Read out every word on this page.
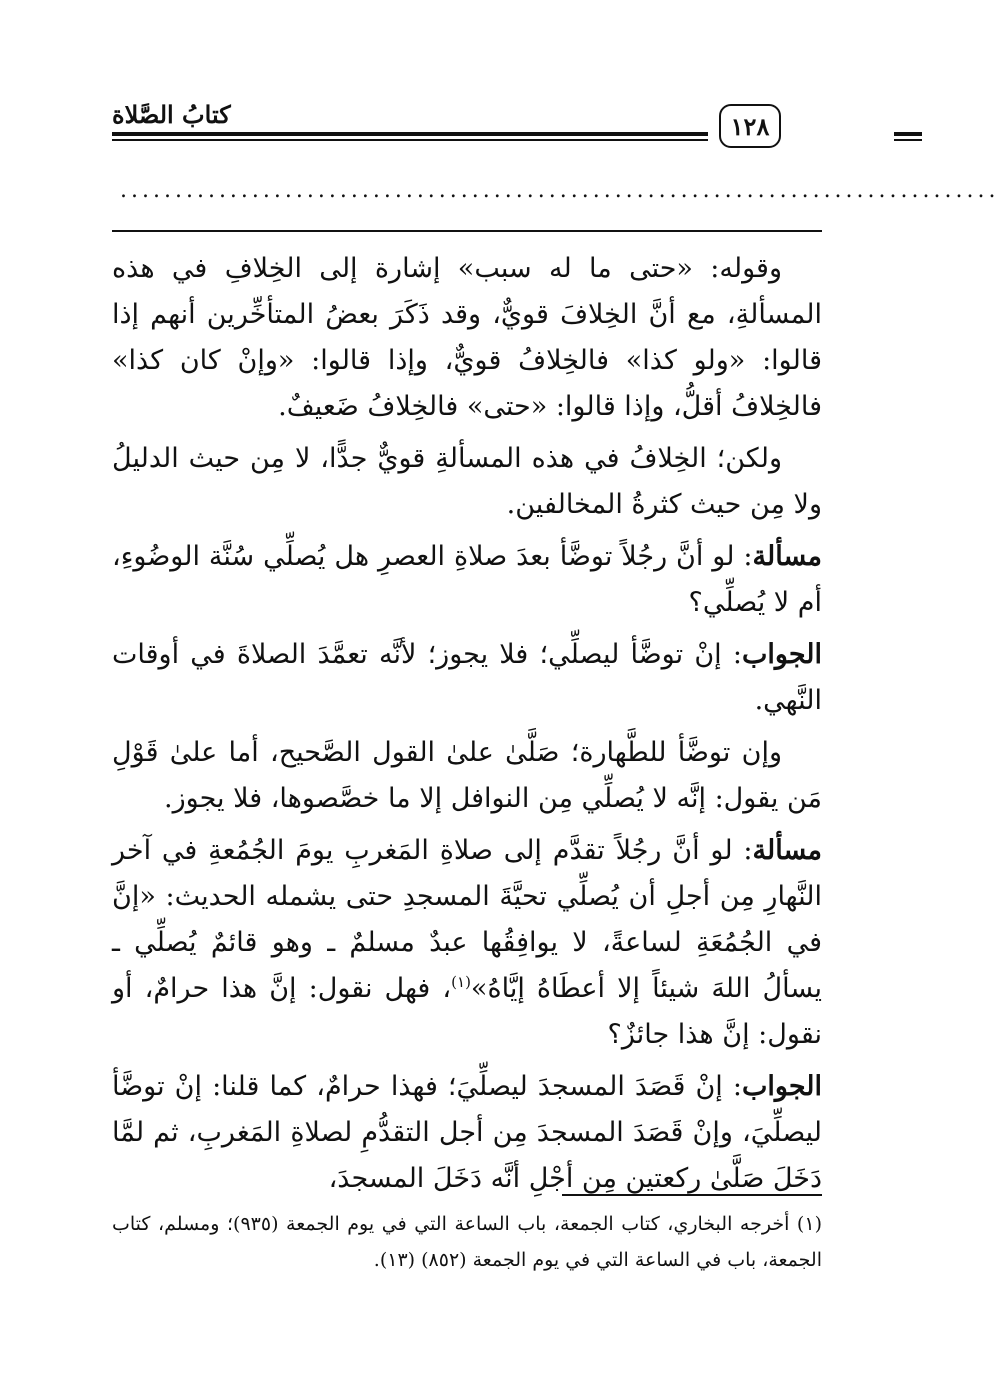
كتابُ الصَّلاة	١٢٨
................................................................................

وقوله: «حتى ما له سبب» إشارة إلى الخِلافِ في هذه المسألةِ، مع أنَّ الخِلافَ قويٌّ، وقد ذَكَرَ بعضُ المتأخِّرين أنهم إذا قالوا: «ولو كذا» فالخِلافُ قويٌّ، وإذا قالوا: «وإنْ كان كذا» فالخِلافُ أقلُّ، وإذا قالوا: «حتى» فالخِلافُ ضَعيفٌ.

ولكن؛ الخِلافُ في هذه المسألةِ قويٌّ جدًّا، لا مِن حيث الدليلُ ولا مِن حيث كثرةُ المخالفين.

مسألة: لو أنَّ رجُلاً توضَّأ بعدَ صلاةِ العصرِ هل يُصلِّي سُنَّة الوضُوءِ، أم لا يُصلِّي؟

الجواب: إنْ توضَّأ ليصلِّي؛ فلا يجوز؛ لأنَّه تعمَّدَ الصلاةَ في أوقات النَّهي.

وإن توضَّأ للطَّهارة؛ صَلَّىٰ علىٰ القول الصَّحيح، أما علىٰ قَوْلِ مَن يقول: إنَّه لا يُصلِّي مِن النوافل إلا ما خصَّصوها، فلا يجوز.

مسألة: لو أنَّ رجُلاً تقدَّم إلى صلاةِ المَغربِ يومَ الجُمُعةِ في آخر النَّهارِ مِن أجلِ أن يُصلِّي تحيَّةَ المسجدِ حتى يشمله الحديث: «إنَّ في الجُمُعَةِ لساعةً، لا يوافِقُها عبدٌ مسلمٌ ـ وهو قائمٌ يُصلِّي ـ يسألُ اللهَ شيئاً إلا أعطَاهُ إيَّاهُ»$^{(١)}$، فهل نقول: إنَّ هذا حرامٌ، أو نقول: إنَّ هذا جائزٌ؟

الجواب: إنْ قَصَدَ المسجدَ ليصلِّيَ؛ فهذا حرامٌ، كما قلنا: إنْ توضَّأ ليصلِّيَ، وإنْ قَصَدَ المسجدَ مِن أجل التقدُّمِ لصلاةِ المَغربِ، ثم لمَّا دَخَلَ صَلَّىٰ ركعتين مِن أجْلِ أنَّه دَخَلَ المسجدَ،

(١) أخرجه البخاري، كتاب الجمعة، باب الساعة التي في يوم الجمعة (٩٣٥)؛ ومسلم، كتاب الجمعة، باب في الساعة التي في يوم الجمعة (٨٥٢) (١٣).
